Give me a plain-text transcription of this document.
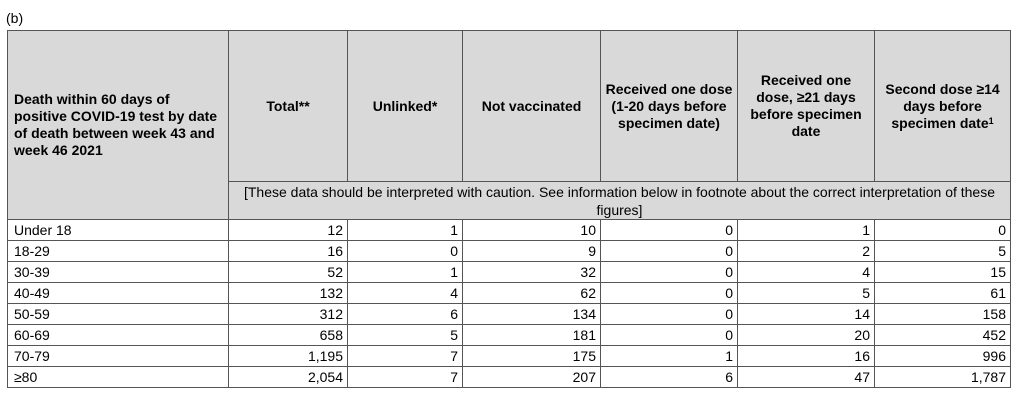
(b)
Death within 60 days of positive COVID-19 test by date of death between week 43 and week 46 2021	Total**	Unlinked*	Not vaccinated	Received one dose (1-20 days before specimen date)	Received one dose, ≥21 days before specimen date	Second dose ≥14 days before specimen date$^1$
	[These data should be interpreted with caution. See information below in footnote about the correct interpretation of these figures]					
Under 18	12	1	10	0	1	0
18-29	16	0	9	0	2	5
30-39	52	1	32	0	4	15
40-49	132	4	62	0	5	61
50-59	312	6	134	0	14	158
60-69	658	5	181	0	20	452
70-79	1,195	7	175	1	16	996
≥80	2,054	7	207	6	47	1,787
